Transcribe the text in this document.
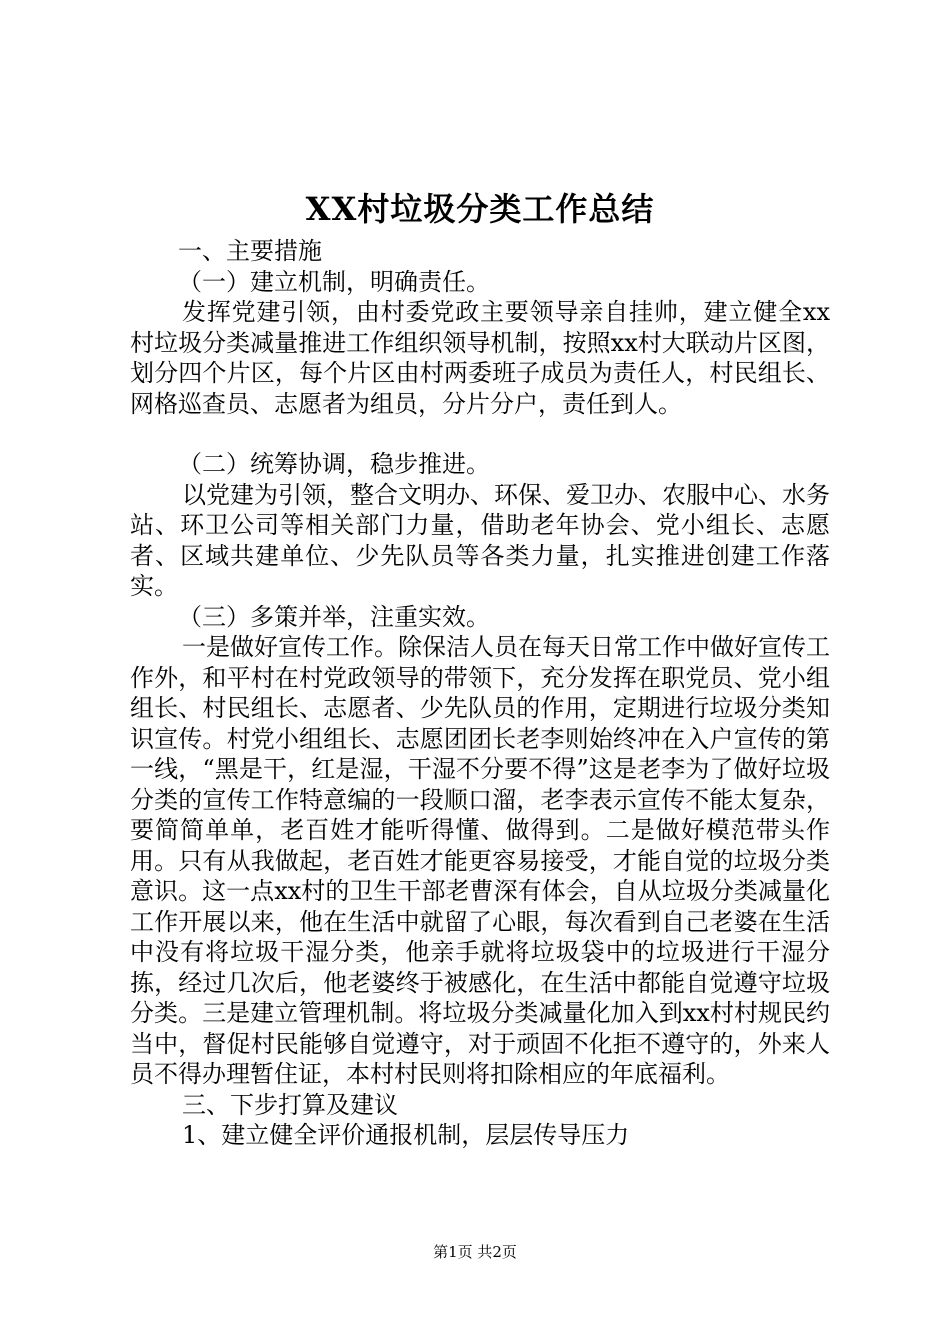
XX村垃圾分类工作总结

一、主要措施

（一）建立机制，明确责任。

发挥党建引领，由村委党政主要领导亲自挂帅，建立健全xx村垃圾分类减量推进工作组织领导机制，按照xx村大联动片区图，划分四个片区，每个片区由村两委班子成员为责任人，村民组长、网格巡查员、志愿者为组员，分片分户，责任到人。

（二）统筹协调，稳步推进。

以党建为引领，整合文明办、环保、爱卫办、农服中心、水务站、环卫公司等相关部门力量，借助老年协会、党小组长、志愿者、区域共建单位、少先队员等各类力量，扎实推进创建工作落实。

（三）多策并举，注重实效。

一是做好宣传工作。除保洁人员在每天日常工作中做好宣传工作外，和平村在村党政领导的带领下，充分发挥在职党员、党小组组长、村民组长、志愿者、少先队员的作用，定期进行垃圾分类知识宣传。村党小组组长、志愿团团长老李则始终冲在入户宣传的第一线，“黑是干，红是湿，干湿不分要不得”这是老李为了做好垃圾分类的宣传工作特意编的一段顺口溜，老李表示宣传不能太复杂，要简简单单，老百姓才能听得懂、做得到。二是做好模范带头作用。只有从我做起，老百姓才能更容易接受，才能自觉的垃圾分类意识。这一点xx村的卫生干部老曹深有体会，自从垃圾分类减量化工作开展以来，他在生活中就留了心眼，每次看到自己老婆在生活中没有将垃圾干湿分类，他亲手就将垃圾袋中的垃圾进行干湿分拣，经过几次后，他老婆终于被感化，在生活中都能自觉遵守垃圾分类。三是建立管理机制。将垃圾分类减量化加入到xx村村规民约当中，督促村民能够自觉遵守，对于顽固不化拒不遵守的，外来人员不得办理暂住证，本村村民则将扣除相应的年底福利。

三、下步打算及建议

1、建立健全评价通报机制，层层传导压力

第1页 共2页
